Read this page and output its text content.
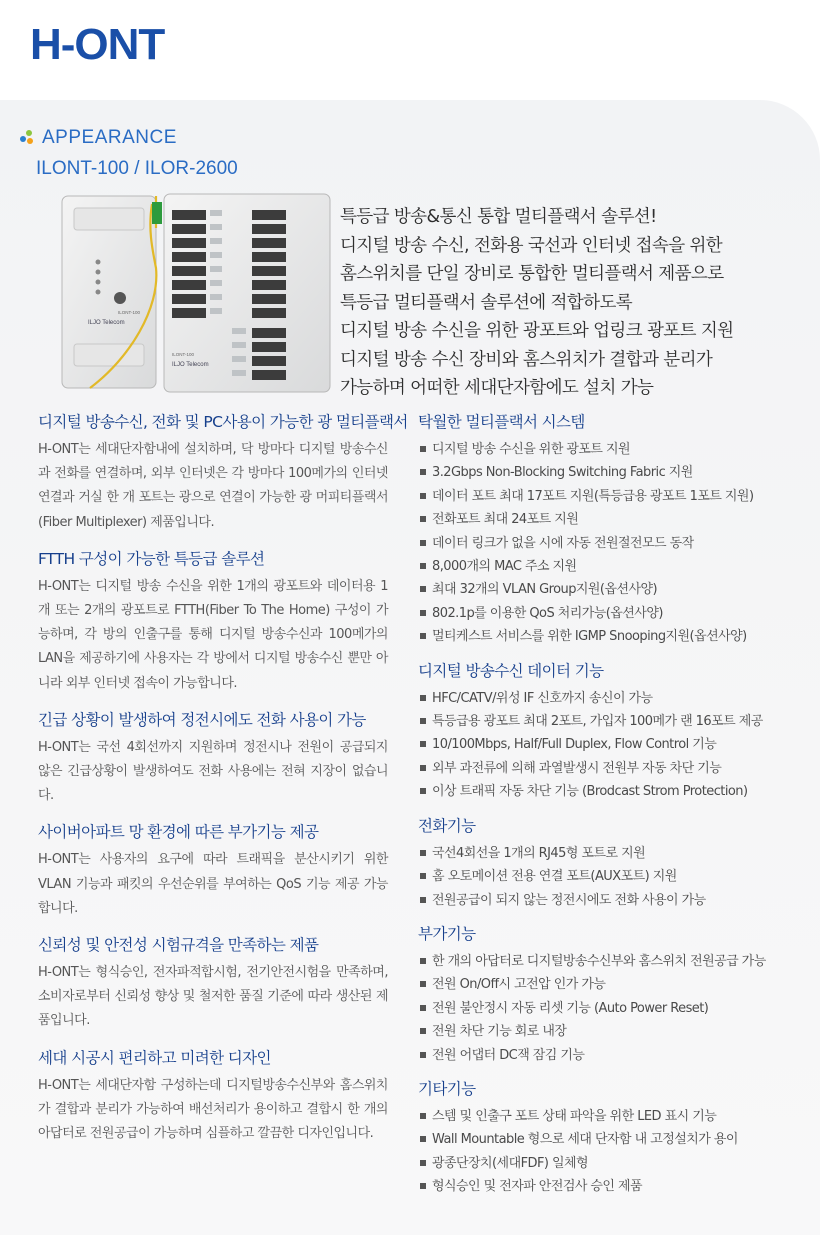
H-ONT
APPEARANCE
ILONT-100 / ILOR-2600
ILJO Telecom
ILONT-100
ILJO Telecom
ILONT-100
특등급 방송&통신 통합 멀티플랙서 솔루션!
디지털 방송 수신, 전화용 국선과 인터넷 접속을 위한
홈스위치를 단일 장비로 통합한 멀티플랙서 제품으로
특등급 멀티플랙서 솔루션에 적합하도록
디지털 방송 수신을 위한 광포트와 업링크 광포트 지원
디지털 방송 수신 장비와 홈스위치가 결합과 분리가
가능하며 어떠한 세대단자함에도 설치 가능
디지털 방송수신, 전화 및 PC사용이 가능한 광 멀티플랙서
H-ONT는 세대단자함내에 설치하며, 닥 방마다 디지털 방송수신과 전화를 연결하며, 외부 인터넷은 각 방마다 100메가의 인터넷 연결과 거실 한 개 포트는 광으로 연결이 가능한 광 머피티플랙서(Fiber Multiplexer) 제품입니다.
FTTH 구성이 가능한 특등급 솔루션
H-ONT는 디지털 방송 수신을 위한 1개의 광포트와 데이터용 1개 또는 2개의 광포트로 FTTH(Fiber To The Home) 구성이 가능하며, 각 방의 인출구를 통해 디지털 방송수신과 100메가의 LAN을 제공하기에 사용자는 각 방에서 디지털 방송수신 뿐만 아니라 외부 인터넷 접속이 가능합니다.
긴급 상황이 발생하여 정전시에도 전화 사용이 가능
H-ONT는 국선 4회선까지 지원하며 정전시나 전원이 공급되지 않은 긴급상황이 발생하여도 전화 사용에는 전혀 지장이 없습니다.
사이버아파트 망 환경에 따른 부가기능 제공
H-ONT는 사용자의 요구에 따라 트래픽을 분산시키기 위한 VLAN 기능과 패킷의 우선순위를 부여하는 QoS 기능 제공 가능합니다.
신뢰성 및 안전성 시험규격을 만족하는 제품
H-ONT는 형식승인, 전자파적합시험, 전기안전시험을 만족하며, 소비자로부터 신뢰성 향상 및 철저한 품질 기준에 따라 생산된 제품입니다.
세대 시공시 편리하고 미려한 디자인
H-ONT는 세대단자함 구성하는데 디지털방송수신부와 홈스위치가 결합과 분리가 가능하여 배선처리가 용이하고 결합시 한 개의 아답터로 전원공급이 가능하며 심플하고 깔끔한 디자인입니다.
탁월한 멀티플랙서 시스템
디지털 방송 수신을 위한 광포트 지원
3.2Gbps Non-Blocking Switching Fabric 지원
데이터 포트 최대 17포트 지원(특등급용 광포트 1포트 지원)
전화포트 최대 24포트 지원
데이터 링크가 없을 시에 자동 전원절전모드 동작
8,000개의 MAC 주소 지원
최대 32개의 VLAN Group지원(옵션사양)
802.1p를 이용한 QoS 처리가능(옵션사양)
멀티케스트 서비스를 위한 IGMP Snooping지원(옵션사양)
디지털 방송수신 데이터 기능
HFC/CATV/위성 IF 신호까지 송신이 가능
특등급용 광포트 최대 2포트, 가입자 100메가 랜 16포트 제공
10/100Mbps, Half/Full Duplex, Flow Control 기능
외부 과전류에 의해 과열발생시 전원부 자동 차단 기능
이상 트래픽 자동 차단 기능 (Brodcast Strom Protection)
전화기능
국선4회선을 1개의 RJ45형 포트로 지원
홈 오토메이션 전용 연결 포트(AUX포트) 지원
전원공급이 되지 않는 정전시에도 전화 사용이 가능
부가기능
한 개의 아답터로 디지털방송수신부와 홈스위치 전원공급 가능
전원 On/Off시 고전압 인가 가능
전원 불안정시 자동 리셋 기능 (Auto Power Reset)
전원 차단 기능 회로 내장
전원 어댑터 DC잭 잠김 기능
기타기능
스템 및 인출구 포트 상태 파악을 위한 LED 표시 기능
Wall Mountable 형으로 세대 단자함 내 고정설치가 용이
광종단장치(세대FDF) 일체형
형식승인 및 전자파 안전검사 승인 제품
